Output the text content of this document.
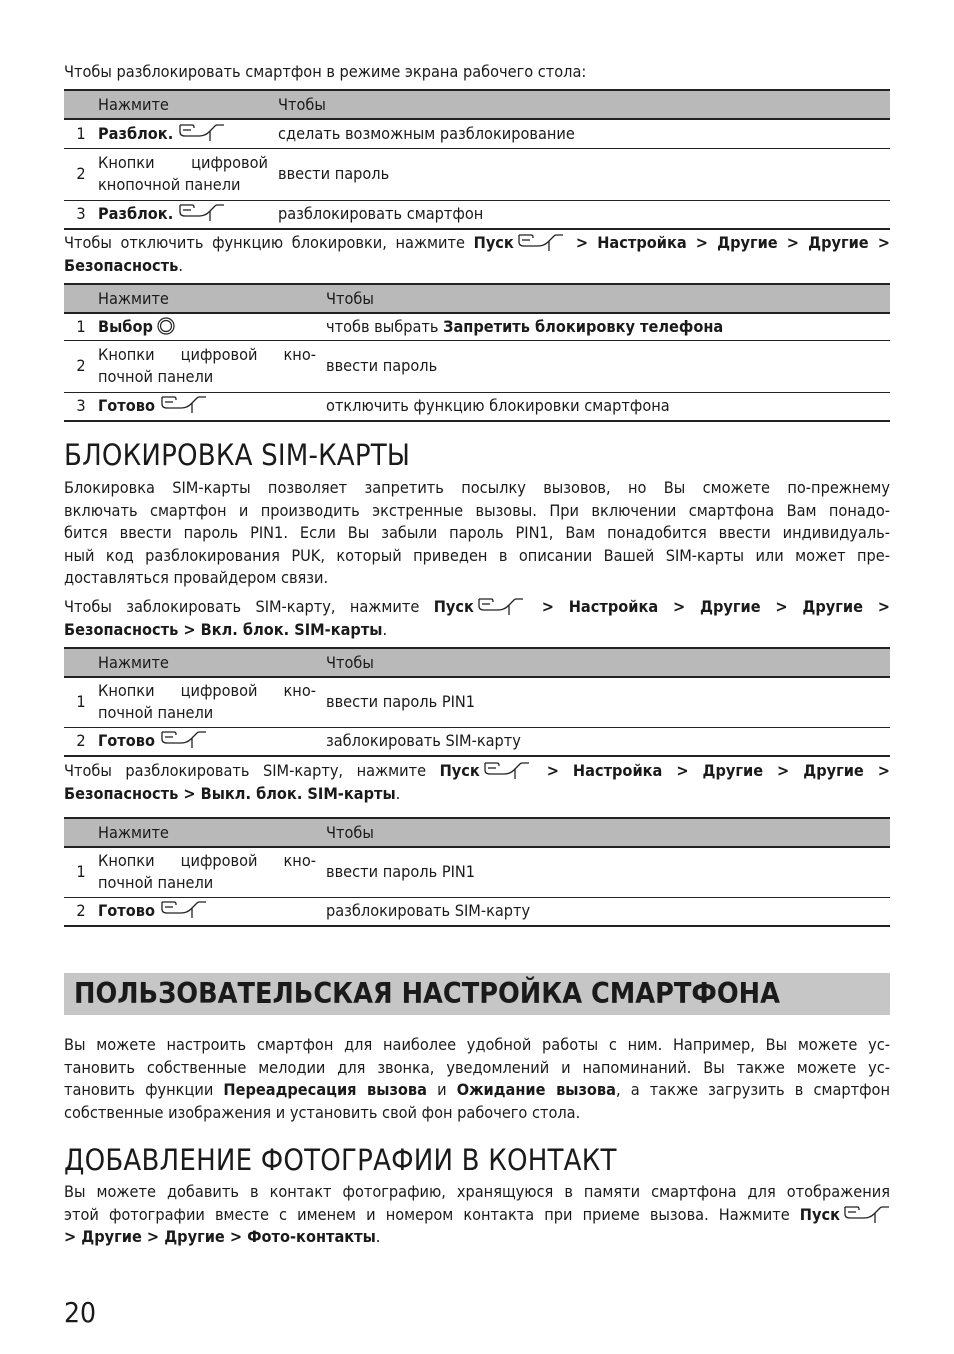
Чтобы разблокировать смартфон в режиме экрана рабочего стола:

	Нажмите	Чтобы
1	Разблок.	сделать возможным разблокирование
2	Кнопки цифровой
кнопочной панели	ввести пароль
3	Разблок.	разблокировать смартфон
Чтобы отключить функцию блокировки, нажмите Пуск	> Настройка > Другие > Другие >
Безопасность.
	Нажмите	Чтобы
1	Выбор	чтобв выбрать Запретить блокировку телефона
2	Кнопки цифровой кно-
почной панели	ввести пароль
3	Готово	отключить функцию блокировки смартфона
БЛОКИРОВКА SIM-КАРТЫ
Блокировка SIM-карты позволяет запретить посылку вызовов, но Вы сможете по-прежнему
включать смартфон и производить экстренные вызовы. При включении смартфона Вам понадо-
бится ввести пароль PIN1. Если Вы забыли пароль PIN1, Вам понадобится ввести индивидуаль-
ный код разблокирования PUK, который приведен в описании Вашей SIM-карты или может пре-
доставляться провайдером связи.
Чтобы заблокировать SIM-карту, нажмите Пуск	> Настройка > Другие > Другие >
Безопасность > Вкл. блок. SIM-карты.
	Нажмите	Чтобы
1	Кнопки цифровой кно-
почной панели	ввести пароль PIN1
2	Готово	заблокировать SIM-карту
Чтобы разблокировать SIM-карту, нажмите Пуск	> Настройка > Другие > Другие >
Безопасность > Выкл. блок. SIM-карты.
	Нажмите	Чтобы
1	Кнопки цифровой кно-
почной панели	ввести пароль PIN1
2	Готово	разблокировать SIM-карту
ПОЛЬЗОВАТЕЛЬСКАЯ НАСТРОЙКА СМАРТФОНА
Вы можете настроить смартфон для наиболее удобной работы с ним. Например, Вы можете ус-
тановить собственные мелодии для звонка, уведомлений и напоминаний. Вы также можете ус-
тановить функции Переадресация вызова и Ожидание вызова, а также загрузить в смартфон
собственные изображения и установить свой фон рабочего стола.
ДОБАВЛЕНИЕ ФОТОГРАФИИ В КОНТАКТ
Вы можете добавить в контакт фотографию, хранящуюся в памяти смартфона для отображения
этой фотографии вместе с именем и номером контакта при приеме вызова. Нажмите Пуск
> Другие > Другие > Фото-контакты.
20
